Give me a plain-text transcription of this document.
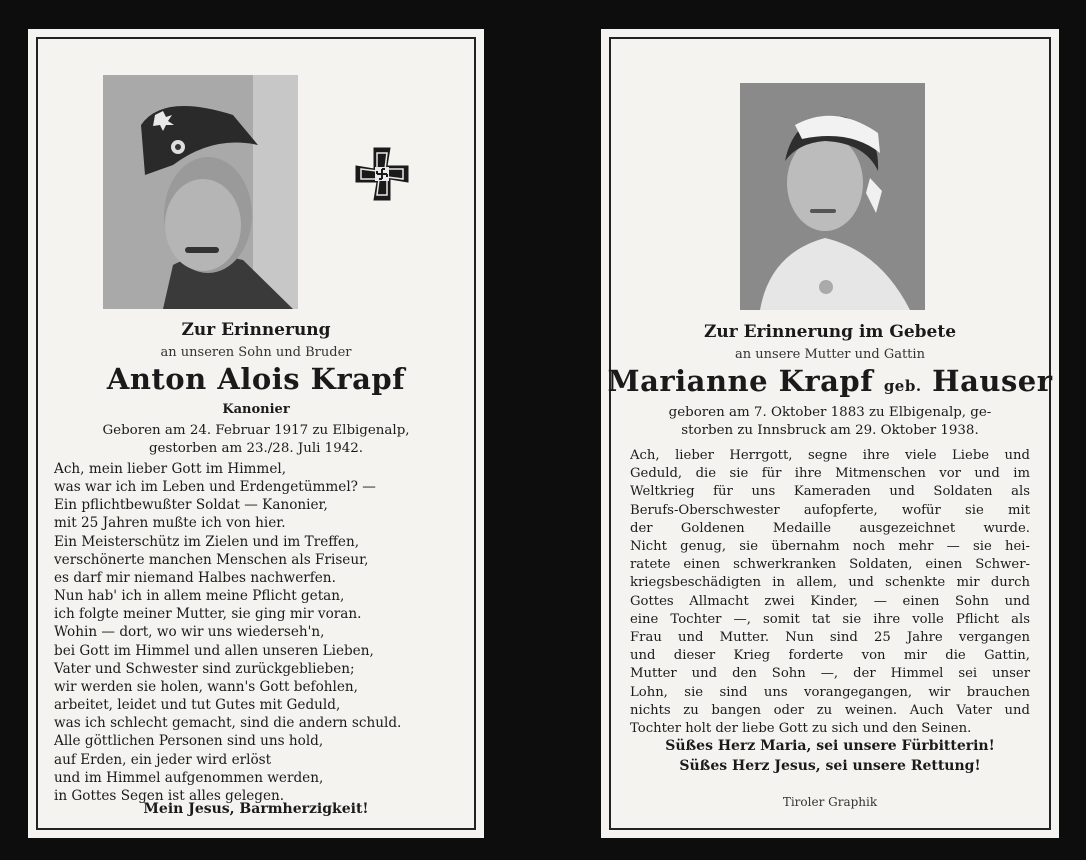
Zur Erinnerung
an unseren Sohn und Bruder
Anton Alois Krapf
Kanonier
Geboren am 24. Februar 1917 zu Elbigenalp,
gestorben am 23./28. Juli 1942.
Ach, mein lieber Gott im Himmel,
was war ich im Leben und Erdengetümmel? —
Ein pflichtbewußter Soldat — Kanonier,
mit 25 Jahren mußte ich von hier.
Ein Meisterschütz im Zielen und im Treffen,
verschönerte manchen Menschen als Friseur,
es darf mir niemand Halbes nachwerfen.
Nun hab' ich in allem meine Pflicht getan,
ich folgte meiner Mutter, sie ging mir voran.
Wohin — dort, wo wir uns wiederseh'n,
bei Gott im Himmel und allen unseren Lieben,
Vater und Schwester sind zurückgeblieben;
wir werden sie holen, wann's Gott befohlen,
arbeitet, leidet und tut Gutes mit Geduld,
was ich schlecht gemacht, sind die andern schuld.
Alle göttlichen Personen sind uns hold,
auf Erden, ein jeder wird erlöst
und im Himmel aufgenommen werden,
in Gottes Segen ist alles gelegen.
Mein Jesus, Barmherzigkeit!
Zur Erinnerung im Gebete
an unsere Mutter und Gattin
Marianne Krapf geb. Hauser
geboren am 7. Oktober 1883 zu Elbigenalp, ge-
storben zu Innsbruck am 29. Oktober 1938.
Ach, lieber Herrgott, segne ihre viele Liebe und
Geduld, die sie für ihre Mitmenschen vor und im
Weltkrieg für uns Kameraden und Soldaten als
Berufs-Oberschwester aufopferte, wofür sie mit
der Goldenen Medaille ausgezeichnet wurde.
Nicht genug, sie übernahm noch mehr — sie hei-
ratete einen schwerkranken Soldaten, einen Schwer-
kriegsbeschädigten in allem, und schenkte mir durch
Gottes Allmacht zwei Kinder, — einen Sohn und
eine Tochter —, somit tat sie ihre volle Pflicht als
Frau und Mutter. Nun sind 25 Jahre vergangen
und dieser Krieg forderte von mir die Gattin,
Mutter und den Sohn —, der Himmel sei unser
Lohn, sie sind uns vorangegangen, wir brauchen
nichts zu bangen oder zu weinen. Auch Vater und
Tochter holt der liebe Gott zu sich und den Seinen.
Süßes Herz Maria, sei unsere Fürbitterin!
Süßes Herz Jesus, sei unsere Rettung!
Tiroler Graphik
